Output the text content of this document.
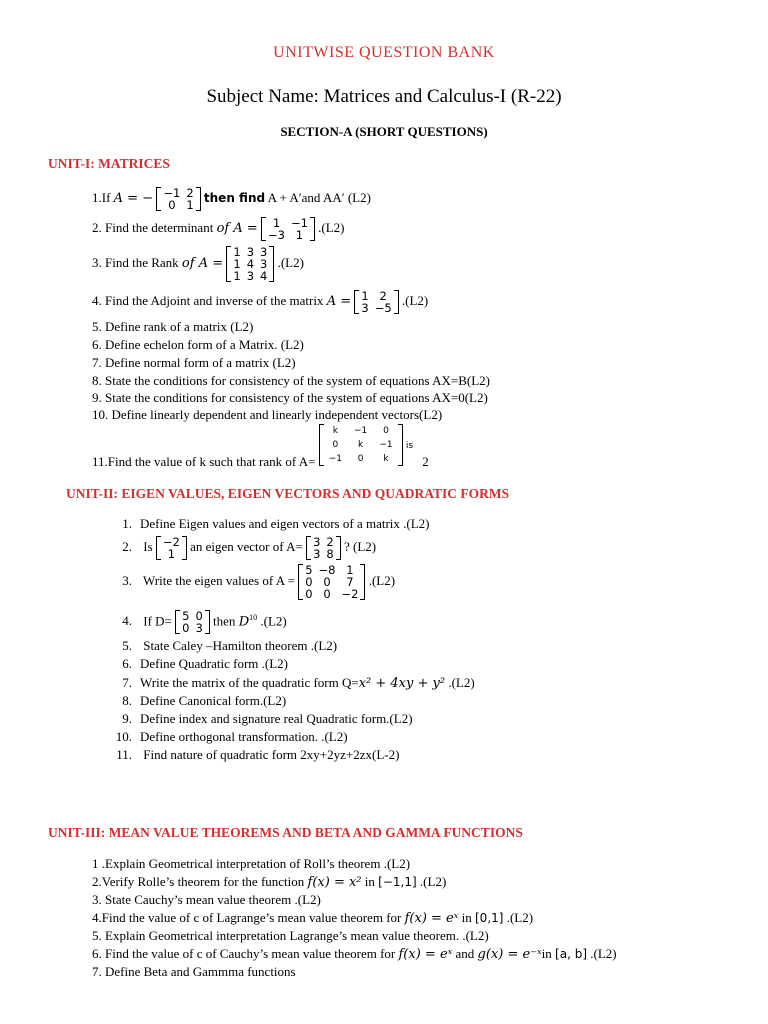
UNITWISE QUESTION BANK
Subject Name: Matrices and Calculus-I (R-22)
SECTION-A (SHORT QUESTIONS)
UNIT-I: MATRICES
1.If A = − −1	2
0	1
then find A + A′and AA′ (L2)
2. Find the determinant of A = 1	−1
−3	1
.(L2)
3. Find the Rank of A =
1	3	3
1	4	3
1	3	4
.(L2)
4. Find the Adjoint and inverse of the matrix A = 1	2
3	−5
.(L2)
5. Define rank of a matrix (L2)
6. Define echelon form of a Matrix. (L2)
7. Define normal form of a matrix (L2)
8. State the conditions for consistency of the system of equations AX=B(L2)
9. State the conditions for consistency of the system of equations AX=0(L2)
10. Define linearly dependent and linearly independent vectors(L2)
11.Find the value of k such that rank of A=
k	−1	0
0	k	−1
−1	0	k
$_{is}$ 2
UNIT-II: EIGEN VALUES, EIGEN VECTORS AND QUADRATIC FORMS
1. Define Eigen values and eigen vectors of a matrix .(L2)
2. Is −2
1
an eigen vector of A= 3	2
3	8
? (L2)
3. Write the eigen values of A =
5	−8	1
0	0	7
0	0	−2
.(L2)
4. If D= 5	0
0	3
then $D^{10}$ .(L2)
5. State Caley –Hamilton theorem .(L2)
6. Define Quadratic form .(L2)
7. Write the matrix of the quadratic form Q=x² + 4xy + y² .(L2)
8. Define Canonical form.(L2)
9. Define index and signature real Quadratic form.(L2)
10. Define orthogonal transformation. .(L2)
11. Find nature of quadratic form 2xy+2yz+2zx(L-2)
UNIT-III: MEAN VALUE THEOREMS AND BETA AND GAMMA FUNCTIONS
1 .Explain Geometrical interpretation of Roll’s theorem .(L2)
2.Verify Rolle’s theorem for the function f(x) = x² in [−1,1] .(L2)
3. State Cauchy’s mean value theorem .(L2)
4.Find the value of c of Lagrange’s mean value theorem for f(x) = eˣ in [0,1] .(L2)
5. Explain Geometrical interpretation Lagrange’s mean value theorem. .(L2)
6. Find the value of c of Cauchy’s mean value theorem for f(x) = eˣ and g(x) = e⁻ˣin [a, b] .(L2)
7. Define Beta and Gammma functions
